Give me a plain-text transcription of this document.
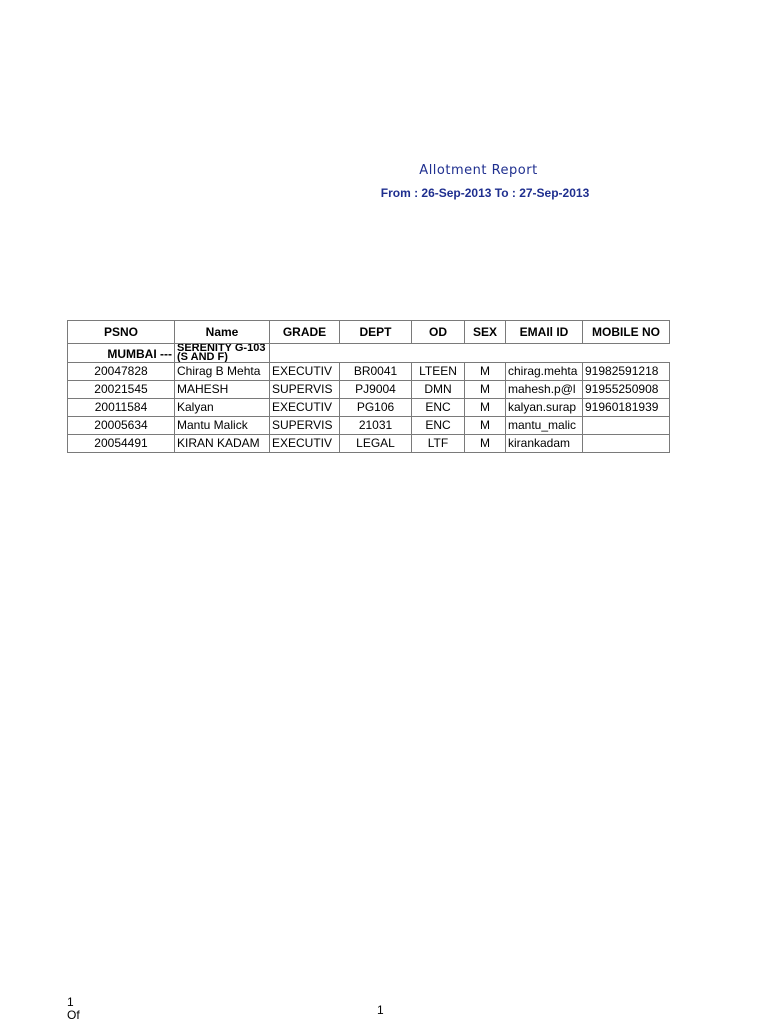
Allotment Report
From : 26-Sep-2013 To : 27-Sep-2013
PSNO	Name	GRADE	DEPT	OD	SEX	EMAIl ID	MOBILE NO
MUMBAI ---	SERENITY G-103 (S AND F)						
20047828	Chirag B Mehta	EXECUTIV	BR0041	LTEEN	M	chirag.mehta	91982591218
20021545	MAHESH	SUPERVIS	PJ9004	DMN	M	mahesh.p@l	91955250908
20011584	Kalyan	EXECUTIV	PG106	ENC	M	kalyan.surap	91960181939
20005634	Mantu Malick	SUPERVIS	21031	ENC	M	mantu_malic	
20054491	KIRAN KADAM	EXECUTIV	LEGAL	LTF	M	kirankadam	
1
Of	1
